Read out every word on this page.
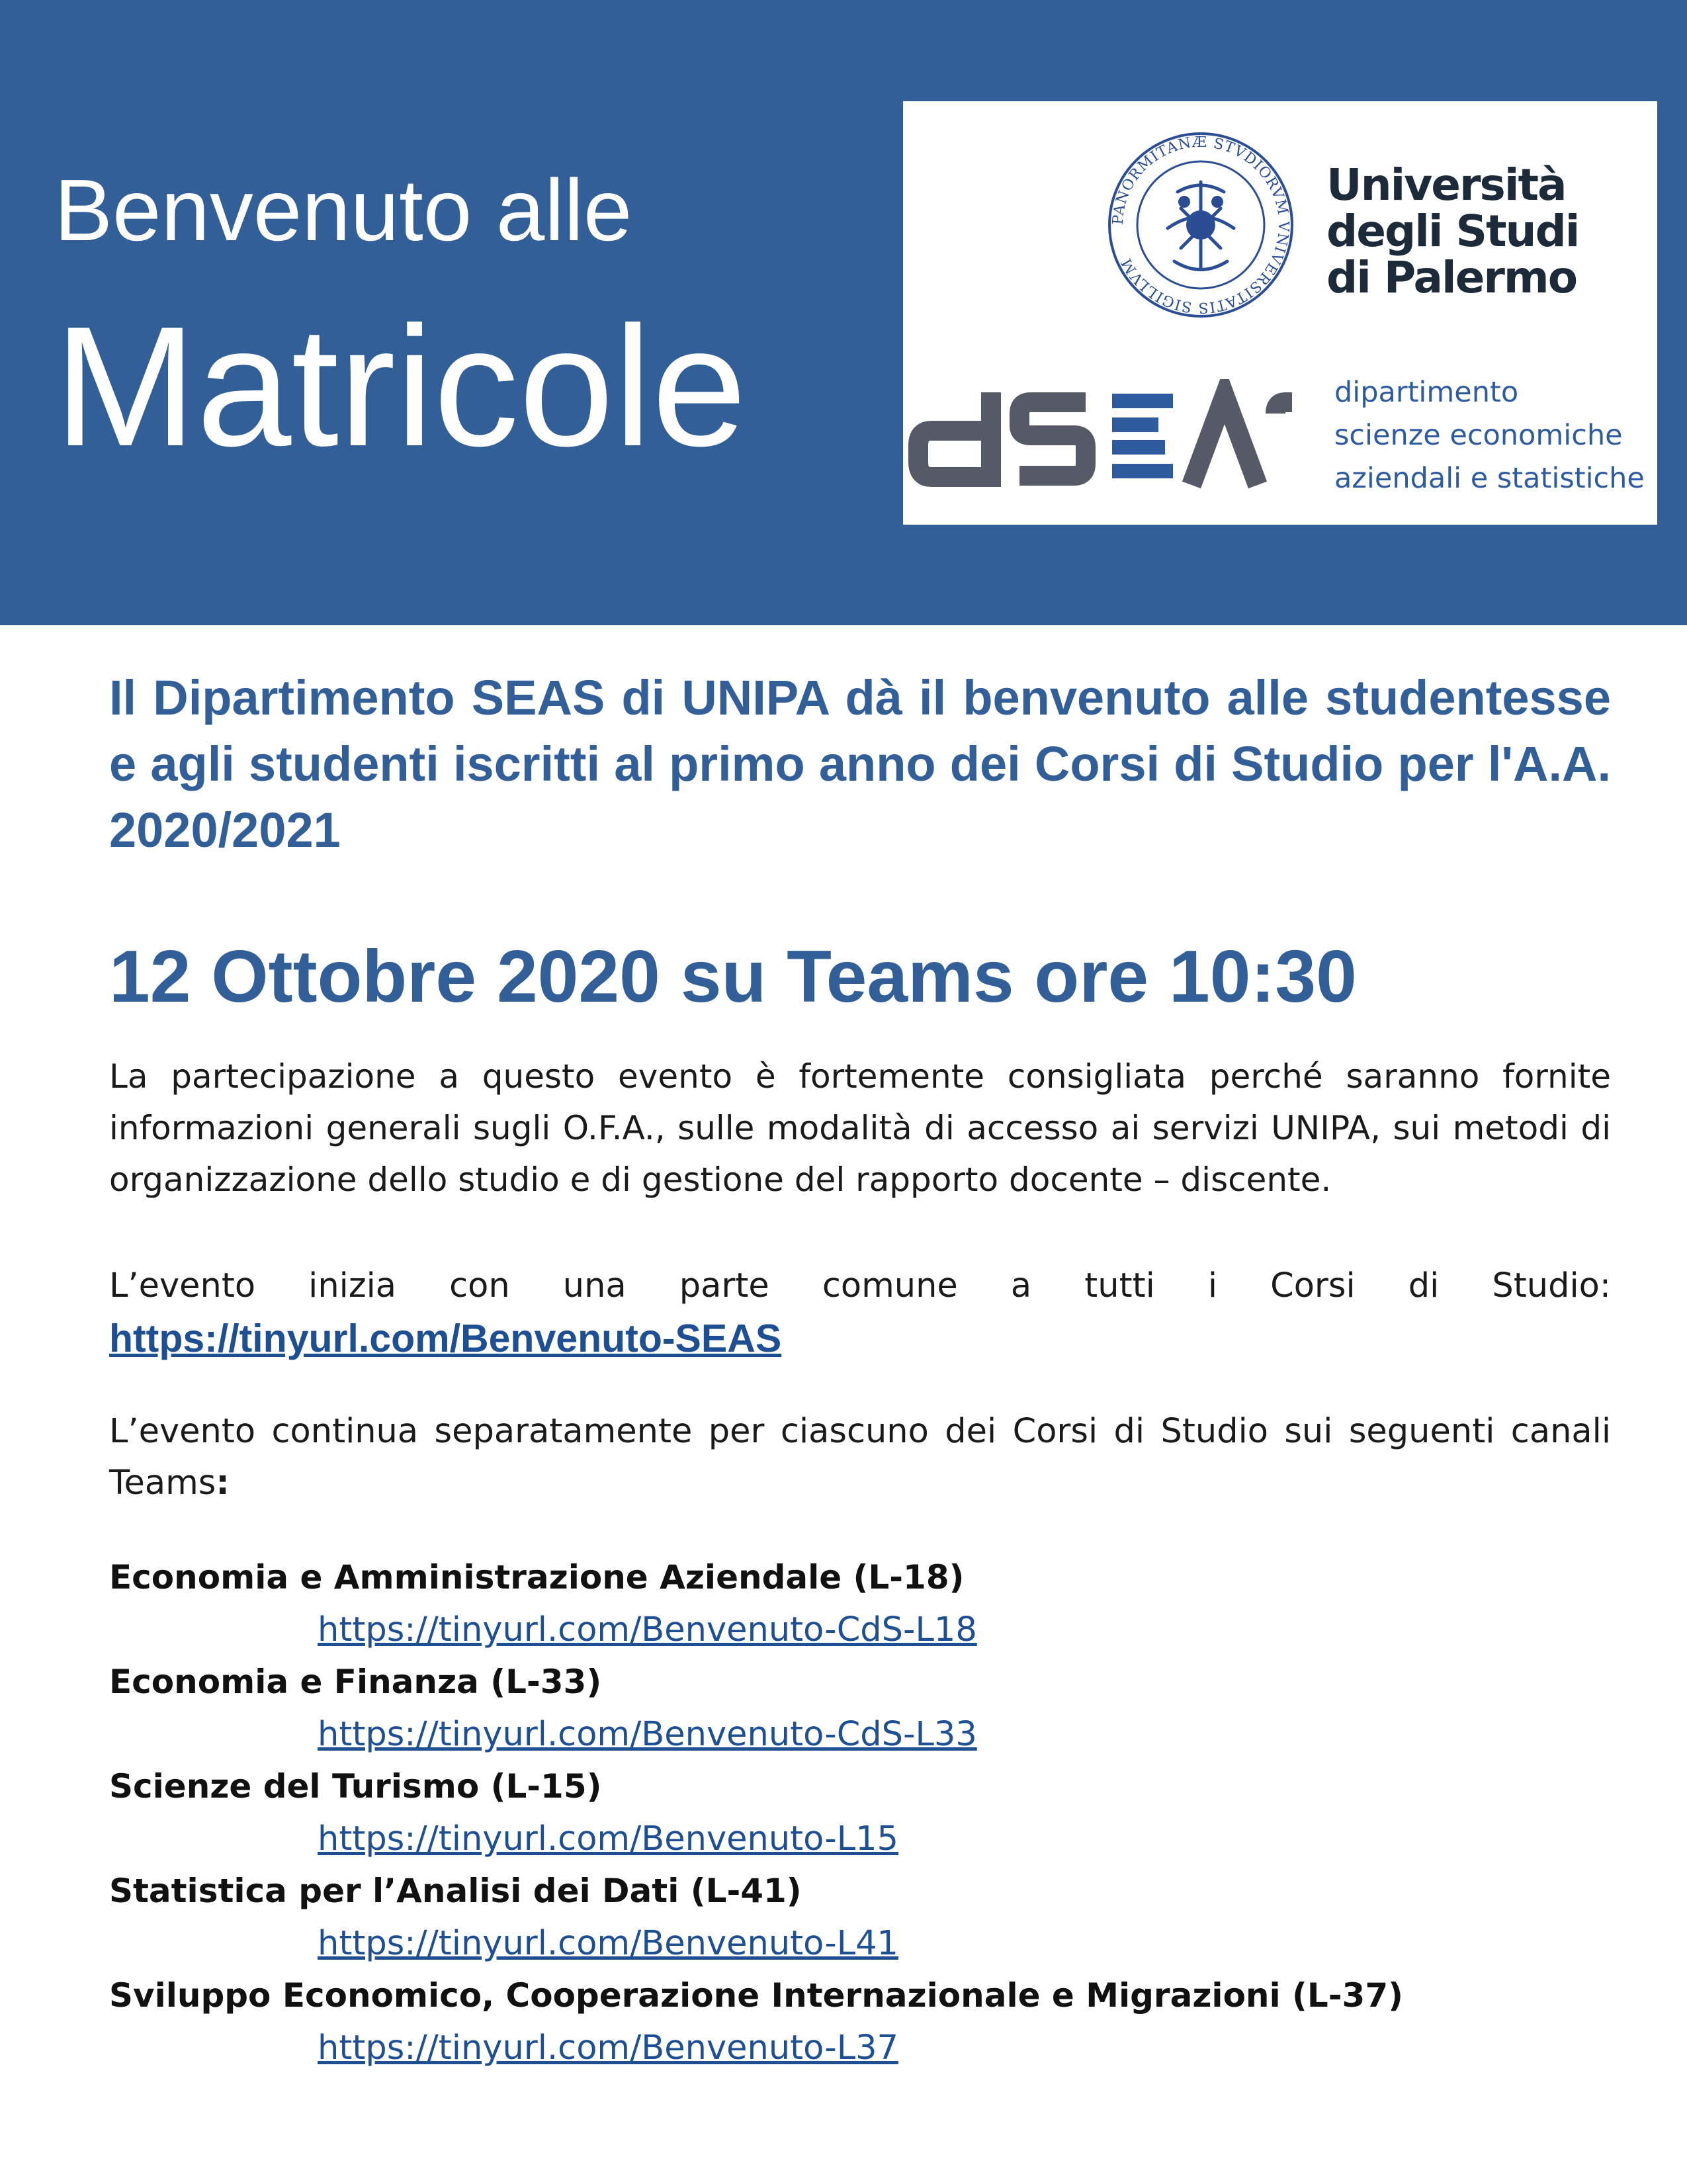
Benvenuto alle
Matricole
PANORMITANÆ STVDIORVM VNIVERSITATIS SIGILLVM
Università
degli Studi
di Palermo
dipartimento
scienze economiche
aziendali e statistiche
Il Dipartimento SEAS di UNIPA dà il benvenuto alle studentesse e agli studenti iscritti al primo anno dei Corsi di Studio per l'A.A. 2020/2021
12 Ottobre 2020 su Teams ore 10:30
La partecipazione a questo evento è fortemente consigliata perché saranno fornite informazioni generali sugli O.F.A., sulle modalità di accesso ai servizi UNIPA, sui metodi di organizzazione dello studio e di gestione del rapporto docente – discente.
L’evento inizia con una parte comune a tutti i Corsi di Studio:
https://tinyurl.com/Benvenuto-SEAS
L’evento continua separatamente per ciascuno dei Corsi di Studio sui seguenti canali Teams:
Economia e Amministrazione Aziendale (L-18)
https://tinyurl.com/Benvenuto-CdS-L18
Economia e Finanza (L-33)
https://tinyurl.com/Benvenuto-CdS-L33
Scienze del Turismo (L-15)
https://tinyurl.com/Benvenuto-L15
Statistica per l’Analisi dei Dati (L-41)
https://tinyurl.com/Benvenuto-L41
Sviluppo Economico, Cooperazione Internazionale e Migrazioni (L-37)
https://tinyurl.com/Benvenuto-L37
